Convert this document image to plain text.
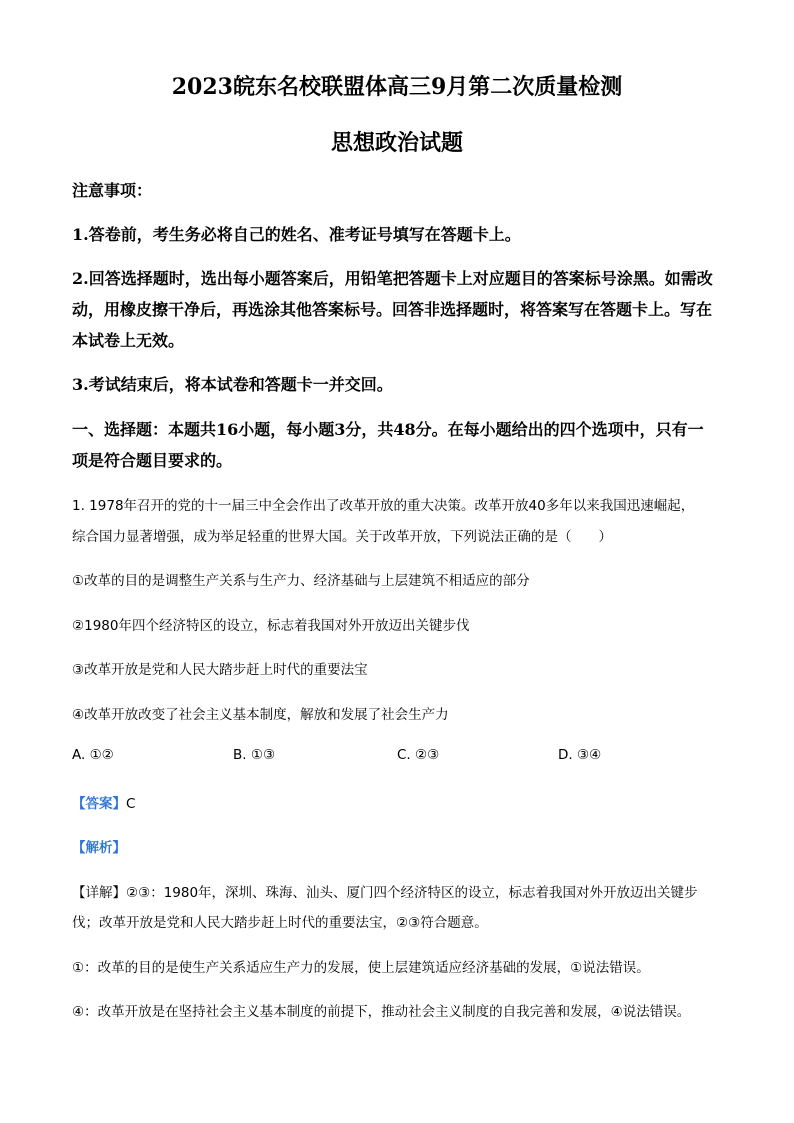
2023皖东名校联盟体高三9月第二次质量检测
思想政治试题
注意事项：
1.答卷前，考生务必将自己的姓名、准考证号填写在答题卡上。
2.回答选择题时，选出每小题答案后，用铅笔把答题卡上对应题目的答案标号涂黑。如需改
动，用橡皮擦干净后，再选涂其他答案标号。回答非选择题时，将答案写在答题卡上。写在
本试卷上无效。
3.考试结束后，将本试卷和答题卡一并交回。
一、选择题：本题共16小题，每小题3分，共48分。在每小题给出的四个选项中，只有一
项是符合题目要求的。
1. 1978年召开的党的十一届三中全会作出了改革开放的重大决策。改革开放40多年以来我国迅速崛起，
综合国力显著增强，成为举足轻重的世界大国。关于改革开放，下列说法正确的是（　　）
①改革的目的是调整生产关系与生产力、经济基础与上层建筑不相适应的部分
②1980年四个经济特区的设立，标志着我国对外开放迈出关键步伐
③改革开放是党和人民大踏步赶上时代的重要法宝
④改革开放改变了社会主义基本制度，解放和发展了社会生产力
A. ①②	B. ①③	C. ②③	D. ③④
【答案】C
【解析】
【详解】②③：1980年，深圳、珠海、汕头、厦门四个经济特区的设立，标志着我国对外开放迈出关键步
伐；改革开放是党和人民大踏步赶上时代的重要法宝，②③符合题意。
①：改革的目的是使生产关系适应生产力的发展，使上层建筑适应经济基础的发展，①说法错误。
④：改革开放是在坚持社会主义基本制度的前提下，推动社会主义制度的自我完善和发展，④说法错误。
